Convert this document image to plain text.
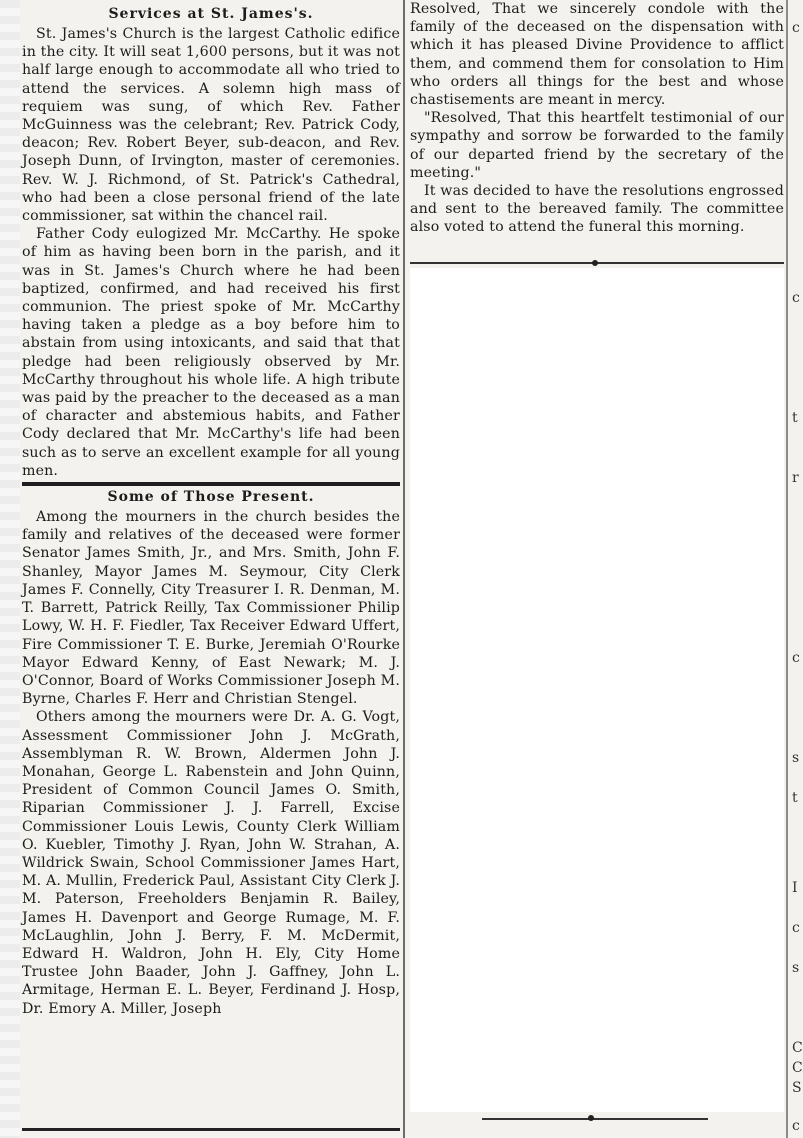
Services at St. James's.

St. James's Church is the largest Catholic edifice in the city. It will seat 1,600 persons, but it was not half large enough to accommodate all who tried to attend the services. A solemn high mass of requiem was sung, of which Rev. Father McGuinness was the celebrant; Rev. Patrick Cody, deacon; Rev. Robert Beyer, sub-deacon, and Rev. Joseph Dunn, of Irvington, master of ceremonies. Rev. W. J. Richmond, of St. Patrick's Cathedral, who had been a close personal friend of the late commissioner, sat within the chancel rail.

Father Cody eulogized Mr. McCarthy. He spoke of him as having been born in the parish, and it was in St. James's Church where he had been baptized, confirmed, and had received his first communion. The priest spoke of Mr. McCarthy having taken a pledge as a boy before him to abstain from using intoxicants, and said that that pledge had been religiously observed by Mr. McCarthy throughout his whole life. A high tribute was paid by the preacher to the deceased as a man of character and abstemious habits, and Father Cody declared that Mr. McCarthy's life had been such as to serve an excellent example for all young men.

Some of Those Present.

Among the mourners in the church besides the family and relatives of the deceased were former Senator James Smith, Jr., and Mrs. Smith, John F. Shanley, Mayor James M. Seymour, City Clerk James F. Connelly, City Treasurer I. R. Denman, M. T. Barrett, Patrick Reilly, Tax Commissioner Philip Lowy, W. H. F. Fiedler, Tax Receiver Edward Uffert, Fire Commissioner T. E. Burke, Jeremiah O'Rourke Mayor Edward Kenny, of East Newark; M. J. O'Connor, Board of Works Commissioner Joseph M. Byrne, Charles F. Herr and Christian Stengel.

Others among the mourners were Dr. A. G. Vogt, Assessment Commissioner John J. McGrath, Assemblyman R. W. Brown, Aldermen John J. Monahan, George L. Rabenstein and John Quinn, President of Common Council James O. Smith, Riparian Commissioner J. J. Farrell, Excise Commissioner Louis Lewis, County Clerk William O. Kuebler, Timothy J. Ryan, John W. Strahan, A. Wildrick Swain, School Commissioner James Hart, M. A. Mullin, Frederick Paul, Assistant City Clerk J. M. Paterson, Freeholders Benjamin R. Bailey, James H. Davenport and George Rumage, M. F. McLaughlin, John J. Berry, F. M. McDermit, Edward H. Waldron, John H. Ely, City Home Trustee John Baader, John J. Gaffney, John L. Armitage, Herman E. L. Beyer, Ferdinand J. Hosp, Dr. Emory A. Miller, Joseph

Resolved, That we sincerely condole with the family of the deceased on the dispensation with which it has pleased Divine Providence to afflict them, and commend them for consolation to Him who orders all things for the best and whose chastisements are meant in mercy.

"Resolved, That this heartfelt testimonial of our sympathy and sorrow be forwarded to the family of our departed friend by the secretary of the meeting."

It was decided to have the resolutions engrossed and sent to the bereaved family. The committee also voted to attend the funeral this morning.

c
c
t
r
c
s
t
I
c
s
C
C
S
c
